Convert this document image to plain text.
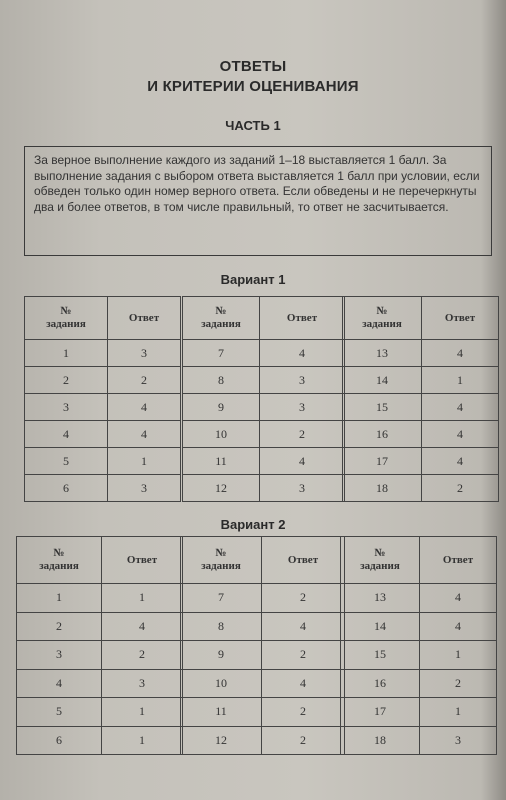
ОТВЕТЫ
И КРИТЕРИИ ОЦЕНИВАНИЯ
ЧАСТЬ 1
За верное выполнение каждого из заданий 1–18 выставляется 1 балл. За выполнение задания с выбором ответа выставляется 1 балл при условии, если обведен только один номер верного ответа. Если обведены и не перечеркнуты два и более ответов, в том числе правильный, то ответ не засчитывается.
Вариант 1
Вариант 2
№
задания	Ответ
1	3
2	2
3	4
4	4
5	1
6	3
№
задания	Ответ
7	4
8	3
9	3
10	2
11	4
12	3
№
задания	Ответ
13	4
14	1
15	4
16	4
17	4
18	2
№
задания	Ответ
1	1
2	4
3	2
4	3
5	1
6	1
№
задания	Ответ
7	2
8	4
9	2
10	4
11	2
12	2
№
задания	Ответ
13	4
14	4
15	1
16	2
17	1
18	3
